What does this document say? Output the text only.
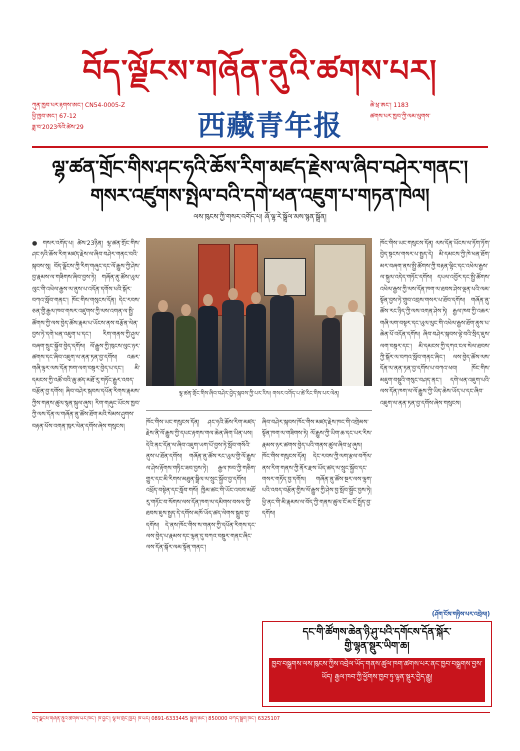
བོད་ལྗོངས་གཞོན་ནུའི་ཚགས་པར།
ཀུན་ཁྱབ་པར་རྟགས་ཨང་། CN54-0005-Z
ཕྱི་ཁྱབ་ཨང་། 67-12
ཟླ་བ་2023ལོའི་ཚེས་29	西藏青年报
ཆེ་ཕྲ་ཨང་། 1183
ཚགས་པར་ཁྱབ་ཀྱི་ལམ་ལུགས་
ལྷ་ཚན་གྲོང་གིས་ཤང་ཧའི་ཆོས་རིག་མཛད་རྗེས་ལ་ཞིབ་བཤེར་གནང་།
གསར་འཛུགས་སྤེལ་བའི་དགེ་ཕན་འཇུག་པ་གཏན་ཁེལ།
ལས་ཁུངས་ཀྱི་གསར་འགོད་པ། ཞོ་ལྷ་རེ་སྒྲོལ་མས་སྙན་སྒྲོན།
● གསར་འགོད་པ། ཚེས་23ཉིན། ལྷ་ཚན་གྲོང་གིས་ཤང་ཧའི་ཆོས་རིག་མཛད་རྗེས་ལ་ཞིབ་བཤེར་གནང་བའི་སྐབས་སུ། བོད་ལྗོངས་ཀྱི་རིག་གཞུང་དང་ལོ་རྒྱུས་ཀྱི་ཤེས་བྱ་རྣམས་ལ་གཟིགས་ཞིབ་བྱས་ཏེ། གཞོན་ནུ་ཚོས་ཡུལ་ལུང་གི་འཕེལ་རྒྱས་ལ་ནུས་པ་འདོན་དགོས་པའི་སྐོར་བཀའ་སློབ་གནང་། ཁོང་གིས་གསུངས་དོན། དེང་རབས་ཅན་གྱི་རྒྱལ་ཁབ་གསར་འཛུགས་ཀྱི་ལས་འགན་ལ་སྤྱི་ཚོགས་ཀྱི་ལས་བྱེད་ཚོས་རྣམ་པ་ཡོངས་ནས་བརྩོན་ལེན་བྱས་ཏེ་དགེ་ཕན་འཇུག་པ་དང་། རིག་གནས་ཀྱི་ཤུལ་བཞག་སྲུང་སྐྱོབ་བྱེད་དགོས། ལོ་རྒྱུས་ཀྱི་ཁུངས་ལུང་ཉར་ཚགས་དང་ཞིབ་འཇུག་ལ་ནན་ཏན་བྱ་དགོས། འཆར་གཞི་ལྟར་ལས་དོན་ཁག་ལག་བསྟར་བྱེད་པ་དང་། མི་དམངས་ཀྱི་འཚོ་བའི་ཆུ་ཚད་མཐོ་རུ་གཏོང་རྒྱུར་འབད་བརྩོན་བྱ་དགོས། ཞིབ་བཤེར་སྐབས་དཔོན་རིགས་རྣམས་ཀྱིས་གནས་ཚུལ་སྙན་སྐུལ་ཞུས། རིག་གཞུང་ཡོངས་ཁྱབ་ཀྱི་ལས་དོན་ལ་གཞོན་ནུ་ཚོས་ཐོག་མའི་སེམས་ཤུགས་བརྟན་པོས་འགན་ཁུར་ལེན་དགོས་ཞེས་གསུངས།
ལྷ་ཚན་གྲོང་གིས་ཞིབ་བཤེར་བྱེད་སྐབས་ཀྱི་པར་རིས། གསར་འགོད་པ་ཚེ་རིང་གིས་པར་ལེན།
ཁོང་གིས་ཡང་གསུངས་དོན། ཤང་ཧའི་ཆོས་རིག་མཛད་རྗེས་ནི་ལོ་རྒྱུས་ཀྱི་དཔང་རྟགས་གལ་ཆེན་ཞིག་ཡིན་པས། དེའི་ནང་དོན་ལ་ཞིབ་འཇུག་ཡག་པོ་བྱས་ཏེ་སློབ་གསོའི་ནུས་པ་ཐོན་དགོས། གཞོན་ནུ་ཚོས་རང་ཡུལ་གྱི་ལོ་རྒྱུས་ལ་ཤེས་རྟོགས་གཏིང་ཟབ་བྱས་ཏེ། རྒྱལ་ཁབ་ཀྱི་གཅིག་གྱུར་དང་མི་རིགས་མཐུན་སྒྲིལ་ལ་སྲུང་སྐྱོབ་བྱ་དགོས། འཕྲོད་བསྟེན་དང་སློབ་གསོ། ཁྱིམ་ཚང་གི་ཡོང་འབབ་མཐོ་རུ་གཏོང་བ་སོགས་ལས་དོན་ཁག་ལ་དམིགས་བསལ་གྱི་ཐབས་ཇུས་སྤྱད་དེ་དགོས་མཁོ་ཡོད་ཚད་ལེགས་སྒྲུབ་བྱ་དགོས། དེ་ནས་ཁོང་གིས་ས་གནས་ཀྱི་དཔོན་རིགས་དང་ལས་བྱེད་པ་རྣམས་དང་ལྷན་དུ་བཀའ་བསྡུར་གནང་ཞིང་ལས་དོན་སྐོར་ལམ་སྟོན་གནང་།
ཞིབ་བཤེར་སྐབས་ཁོང་གིས་མཛད་རྗེས་ཁང་གི་འགྲེམས་སྟོན་ཁག་ལ་གཟིགས་ཏེ། ལོ་རྒྱུས་ཀྱི་ཡིག་ཆ་དང་པར་རིས་རྣམས་ཉར་ཚགས་བྱེད་པའི་གནས་ཚུལ་ཞིབ་ཕྲ་ཞུས། ཁོང་གིས་གསུངས་དོན། དེང་རབས་ཀྱི་ལག་རྩལ་བཀོལ་ནས་རིག་གནས་ཀྱི་ནོར་རྫས་ཡོད་ཚད་ལ་སྲུང་སྐྱོབ་དང་གསར་གཏོད་བྱ་དགོས། གཞོན་ནུ་ཚོས་སྔར་ལས་ལྷག་པའི་འབད་བརྩོན་གྱིས་ལོ་རྒྱུས་ཀྱི་ཤེས་བྱ་སློབ་སྦྱོང་བྱས་ཏེ། ཕྱི་ནང་གི་མི་རྣམས་ལ་བོད་ཀྱི་གནས་ཚུལ་ངོ་མ་ངོ་སྤྲོད་བྱ་དགོས།
ཁོང་གིས་ཡང་གསུངས་དོན། ལས་དོན་ཡོངས་ལ་ཏོག་ཏོག་བྱེད་སྟངས་གསར་པ་སྤྱད་དེ། མི་དམངས་ཀྱི་ཁེ་ཕན་ཐོག་མར་བཞག་ནས་སྤྱི་ཚོགས་ཀྱི་བརྟན་ལྷིང་དང་འཕེལ་རྒྱས་ལ་སྐུལ་འདེད་གཏོང་དགོས། དཔལ་འབྱོར་དང་སྤྱི་ཚོགས་འཕེལ་རྒྱས་ཀྱི་ལས་དོན་ཁག་ལ་ཐབས་ཤེས་ལྡན་པའི་ལམ་སྟོན་བྱས་ཏེ་གྲུབ་འབྲས་གསར་པ་ཐོབ་དགོས། གཞོན་ནུ་ཚོས་རང་ཉིད་ཀྱི་ལས་འགན་ཤེས་ཏེ། རྒྱལ་ཁབ་ཀྱི་འཆར་གཞི་ལག་བསྟར་དང་ཡུལ་ལུང་གི་འཕེལ་རྒྱས་ཐོག་ནུས་པ་ཆེན་པོ་འདོན་དགོས། ཞིབ་བཤེར་སྐབས་ལྟེ་བའི་སྲིད་ཇུས་ལག་བསྟར་དང་། མི་དམངས་ཀྱི་དཀའ་ངལ་སེལ་ཐབས་ཀྱི་སྐོར་ལ་བཀའ་སློབ་གནང་ཞིང་། ལས་བྱེད་ཚོས་ལས་དོན་ལ་ནན་ཏན་བྱ་དགོས་པ་བཀའ་ཕབ། ཁོང་གིས་མཇུག་བསྡུའི་གསུང་བཤད་ནང་། དགེ་ཕན་འཇུག་པའི་ལས་དོན་ཁག་ལ་ལོ་རྒྱུས་ཀྱི་ཡིད་ཆེས་ཡོད་པ་དང་ཞིབ་འཇུག་ལ་ནན་ཏན་བྱ་དགོས་ཞེས་གསུངས།
(ཤོག་ངོས་གཉིས་པར་འབྲེལ།)
དང་གི་ཚོགས་ཆེན་ཉི་ཤུ་པའི་དགོངས་དོན་སྐོར་
གྱི་ལྷན་སྡུར་ཡིག་ཆ།
ཁྱབ་བསྒྲགས་ལས་ཁུངས་ཀྱིས་འབྲེལ་ཡོད་གནས་ཚུལ་ཁག་ཚགས་པར་ནང་ཁྱབ་བསྒྲགས་བྱས་ཡོད། རྒྱལ་ཁབ་ཀྱི་ཕྱོགས་ཁྱབ་ཏུ་ལྷན་སྡུར་བྱེད་རྒྱུ།
བོད་ལྗོངས་གཞོན་ནུའི་ཚགས་པར་ཁང་། ཁ་བྱང་། ལྷ་ས་གྲོང་ཁྱེར། ཁ་པར། 0891-6333445 སྦྲག་ཨང་། 850000 བཀོད་སྒྲིག་ཁང་། 6325107
